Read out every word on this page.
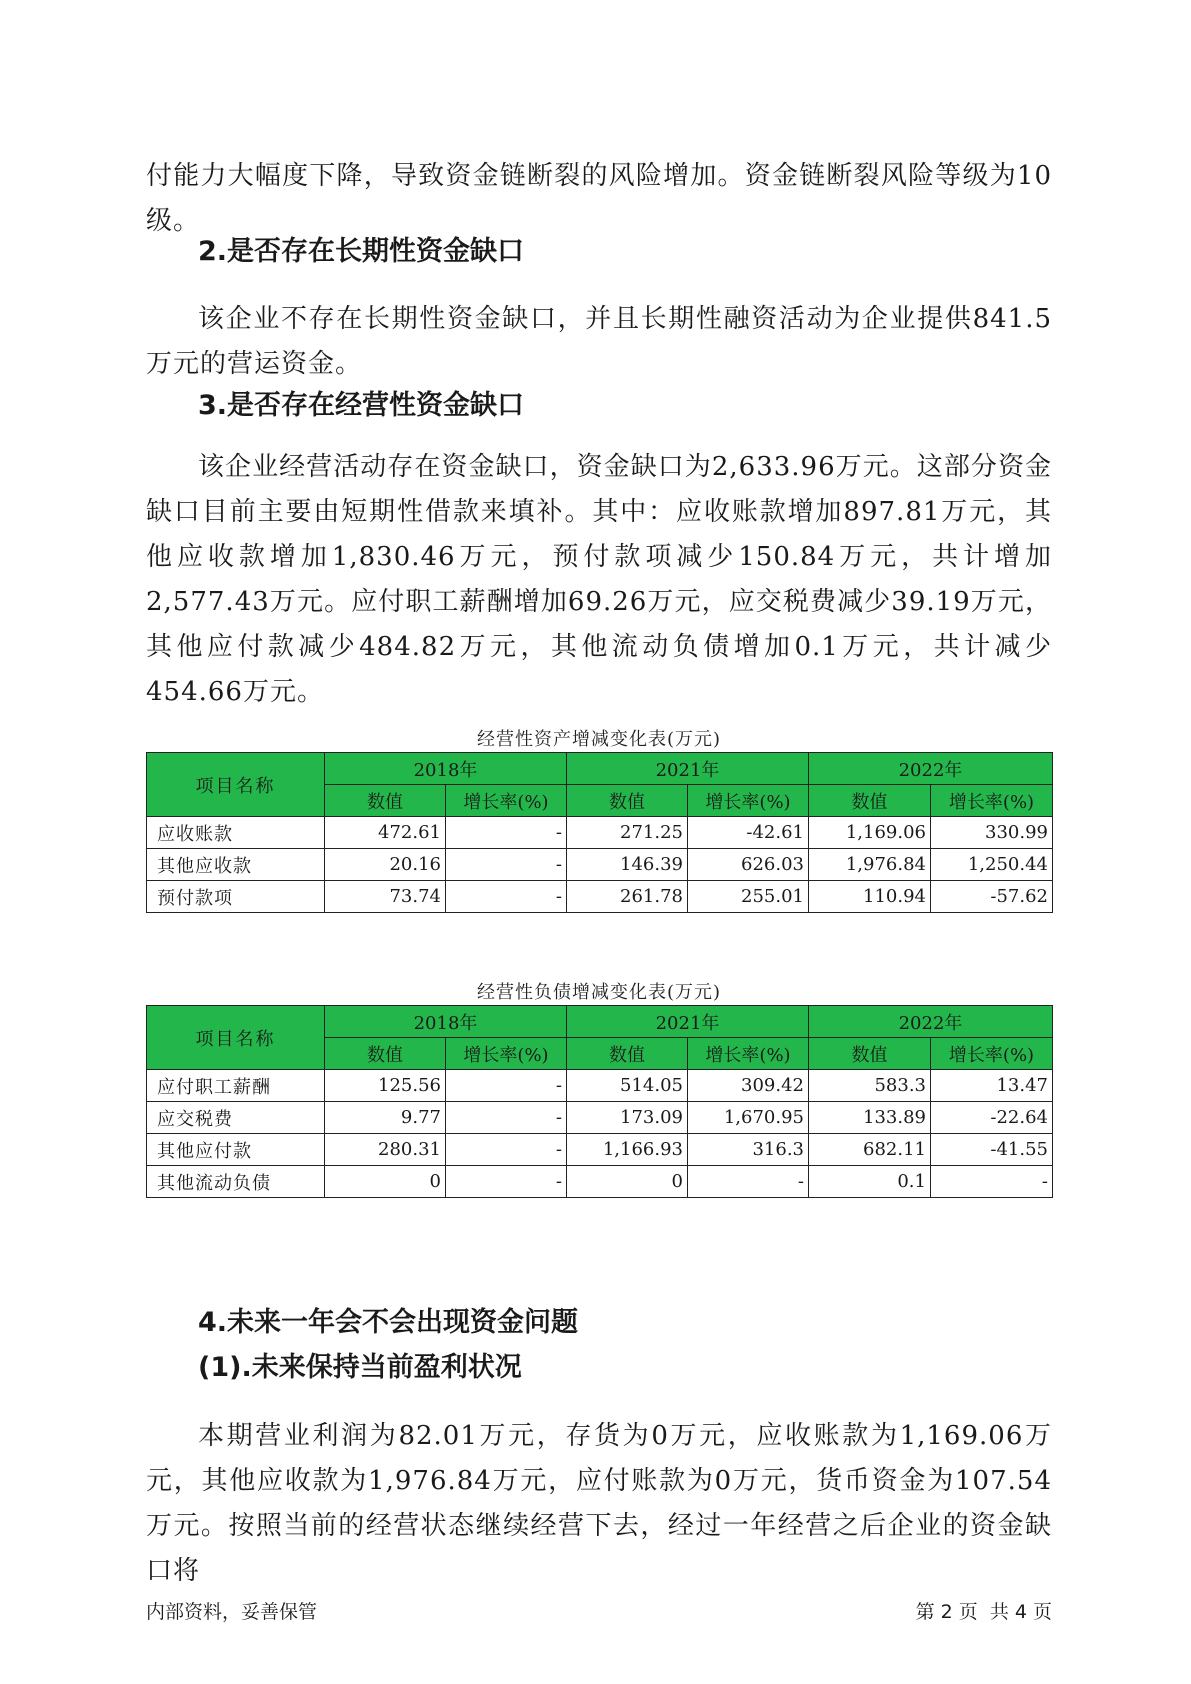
付能力大幅度下降，导致资金链断裂的风险增加。资金链断裂风险等级为10级。

2.是否存在长期性资金缺口

该企业不存在长期性资金缺口，并且长期性融资活动为企业提供841.5万元的营运资金。

3.是否存在经营性资金缺口

该企业经营活动存在资金缺口，资金缺口为2,633.96万元。这部分资金缺口目前主要由短期性借款来填补。其中：应收账款增加897.81万元，其他应收款增加1,830.46万元，预付款项减少150.84万元，共计增加2,577.43万元。应付职工薪酬增加69.26万元，应交税费减少39.19万元，其他应付款减少484.82万元，其他流动负债增加0.1万元，共计减少454.66万元。

经营性资产增减变化表(万元)
项目名称	2018年		2021年		2022年	
	数值	增长率(%)	数值	增长率(%)	数值	增长率(%)
应收账款	472.61	-	271.25	-42.61	1,169.06	330.99
其他应收款	20.16	-	146.39	626.03	1,976.84	1,250.44
预付款项	73.74	-	261.78	255.01	110.94	-57.62
经营性负债增减变化表(万元)
项目名称	2018年		2021年		2022年	
	数值	增长率(%)	数值	增长率(%)	数值	增长率(%)
应付职工薪酬	125.56	-	514.05	309.42	583.3	13.47
应交税费	9.77	-	173.09	1,670.95	133.89	-22.64
其他应付款	280.31	-	1,166.93	316.3	682.11	-41.55
其他流动负债	0	-	0	-	0.1	-
4.未来一年会不会出现资金问题
(1).未来保持当前盈利状况

本期营业利润为82.01万元，存货为0万元，应收账款为1,169.06万元，其他应收款为1,976.84万元，应付账款为0万元，货币资金为107.54万元。按照当前的经营状态继续经营下去，经过一年经营之后企业的资金缺口将

内部资料，妥善保管	第 2 页  共 4 页
